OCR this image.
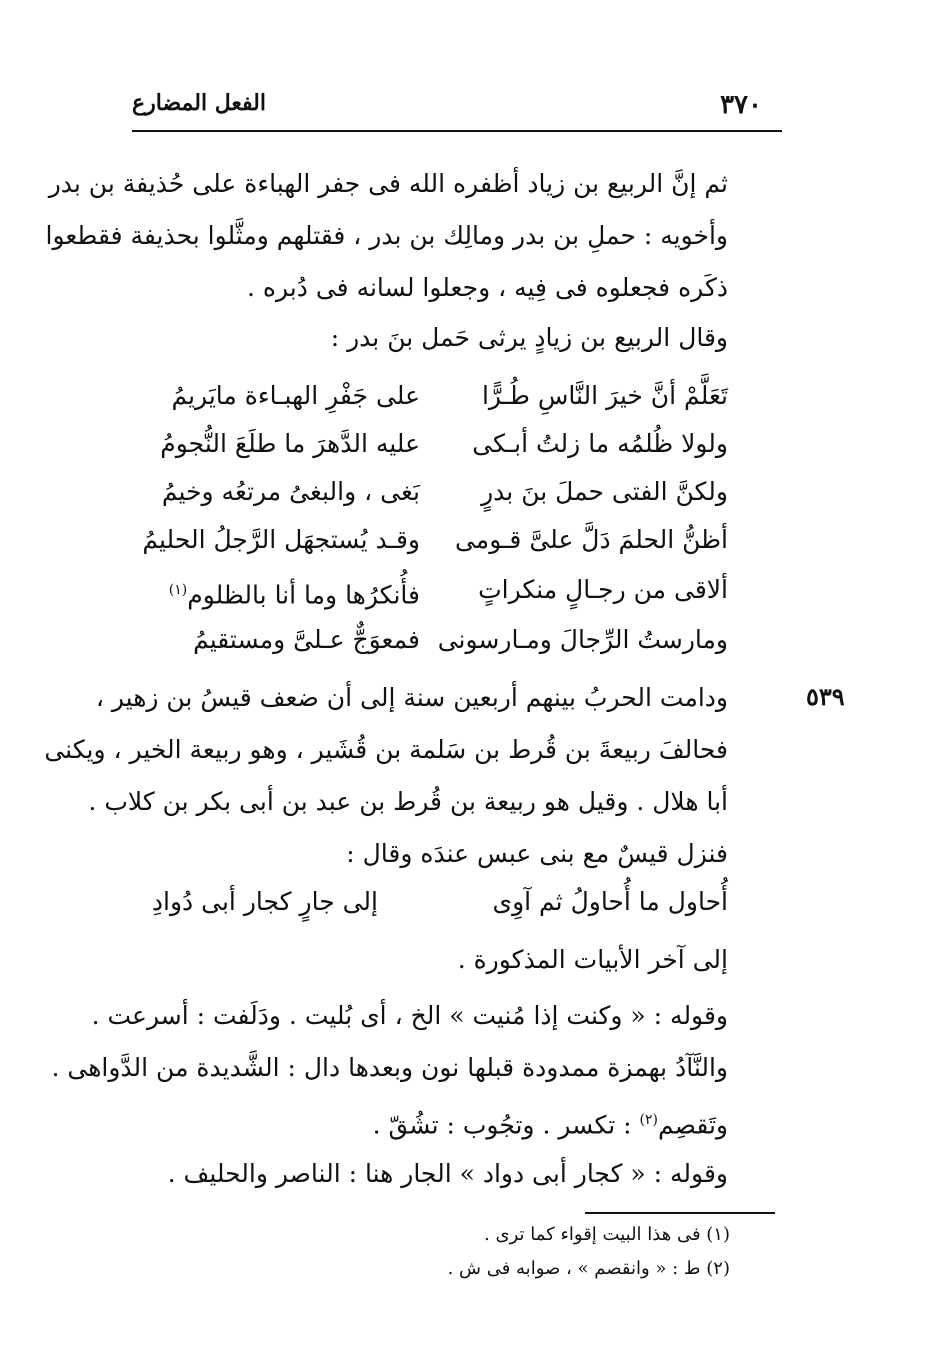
٣٧٠
الفعل المضارع
ثم إنَّ الربيع بن زياد أظفره الله فى جفر الهباءة على حُذيفة بن بدر
وأخويه : حملِ بن بدر ومالِك بن بدر ، فقتلهم ومثَّلوا بحذيفة فقطعوا
ذكَره فجعلوه فى فِيه ، وجعلوا لسانه فى دُبره .
وقال الربيع بن زيادٍ يرثى حَمل بنَ بدر :
تَعَلَّمْ أنَّ خيرَ النَّاسِ طُـرًّا
على جَفْرِ الهبـاءة مايَريمُ
ولولا ظُلمُه ما زلتُ أبـكى
عليه الدَّهرَ ما طلَعَ النُّجومُ
ولكنَّ الفتى حملَ بنَ بدرٍ
بَغى ، والبغىُ مرتعُه وخيمُ
أظنُّ الحلمَ دَلَّ علىَّ قـومى
وقـد يُستجهَل الرَّجلُ الحليمُ
ألاقى من رجـالٍ منكراتٍ
فأُنكرُها وما أنا بالظلوم$^{(١)}$
ومارستُ الرِّجالَ ومـارسونى
فمعوَجٌّ عـلىَّ ومستقيمُ
٥٣٩
ودامت الحربُ بينهم أربعين سنة إلى أن ضعف قيسُ بن زهير ،
فحالفَ ربيعةَ بن قُرط بن سَلمة بن قُشَير ، وهو ربيعة الخير ، ويكنى
أبا هلال . وقيل هو ربيعة بن قُرط بن عبد بن أبى بكر بن كلاب .
فنزل قيسٌ مع بنى عبس عندَه وقال :
أُحاول ما أُحاولُ ثم آوِى
إلى جارٍ كجار أبى دُوادِ
إلى آخر الأبيات المذكورة .
وقوله : « وكنت إذا مُنيت » الخ ، أى بُليت . ودَلَفت : أسرعت .
والنَّآدُ بهمزة ممدودة قبلها نون وبعدها دال : الشَّديدة من الدَّواهى .
وتَقصِم$^{(٢)}$ : تكسر . وتجُوب : تشُقّ .
وقوله : « كجار أبى دواد » الجار هنا : الناصر والحليف .
(١) فى هذا البيت إقواء كما ترى .
(٢) ط : « وانقصم » ، صوابه فى ش .
